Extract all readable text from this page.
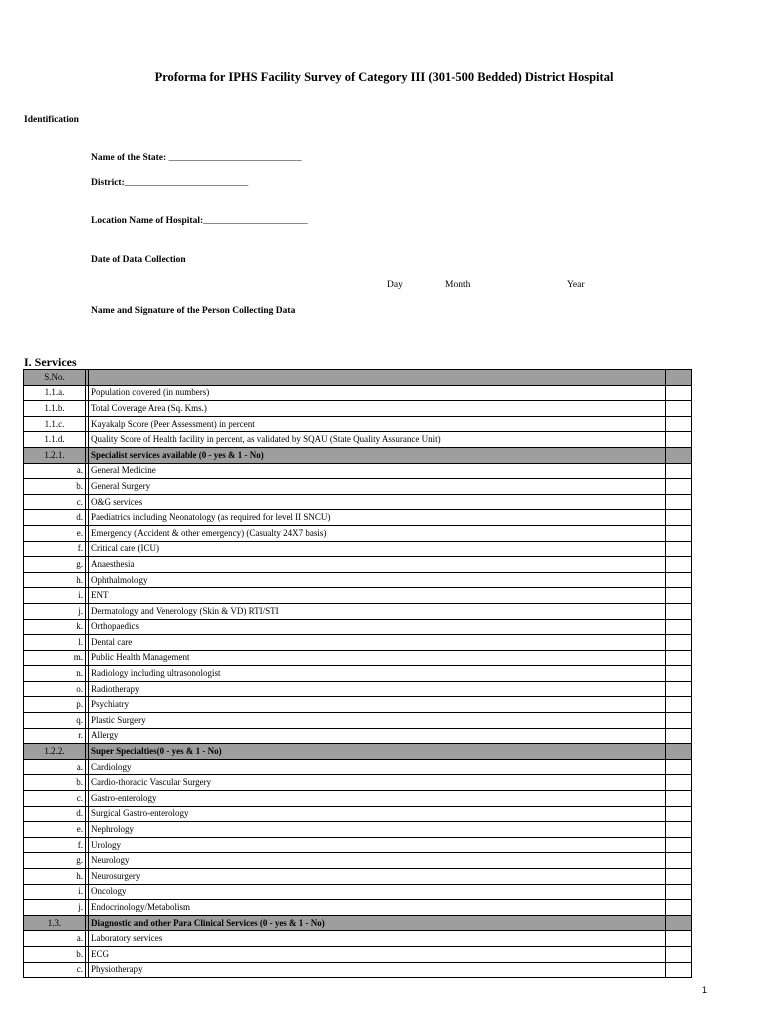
Proforma for IPHS Facility Survey of Category III (301-500 Bedded) District Hospital
Identification
Name of the State: ____________________________
District:__________________________
Location Name of Hospital:______________________
Date of Data Collection
Day	Month	Year
Name and Signature of the Person Collecting Data
I. Services
S.No.			
1.1.a.		Population covered (in numbers)	
1.1.b.		Total Coverage Area (Sq. Kms.)	
1.1.c.		Kayakalp Score (Peer Assessment) in percent	
1.1.d.		Quality Score of Health facility in percent, as validated by SQAU (State Quality Assurance Unit)	
1.2.1.		Specialist services available (0 - yes & 1 - No)	
a.		General Medicine	
b.		General Surgery	
c.		O&G services	
d.		Paediatrics including Neonatology (as required for level II SNCU)	
e.		Emergency (Accident & other emergency) (Casualty 24X7 basis)	
f.		Critical care (ICU)	
g.		Anaesthesia	
h.		Ophthalmology	
i.		ENT	
j.		Dermatology and Venerology (Skin & VD) RTI/STI	
k.		Orthopaedics	
l.		Dental care	
m.		Public Health Management	
n.		Radiology including ultrasonologist	
o.		Radiotherapy	
p.		Psychiatry	
q.		Plastic Surgery	
r.		Allergy	
1.2.2.		Super Specialties(0 - yes & 1 - No)	
a.		Cardiology	
b.		Cardio-thoracic Vascular Surgery	
c.		Gastro-enterology	
d.		Surgical Gastro-enterology	
e.		Nephrology	
f.		Urology	
g.		Neurology	
h.		Neurosurgery	
i.		Oncology	
j.		Endocrinology/Metabolism	
1.3.		Diagnostic and other Para Clinical Services (0 - yes & 1 - No)	
a.		Laboratory services	
b.		ECG	
c.		Physiotherapy	
1
